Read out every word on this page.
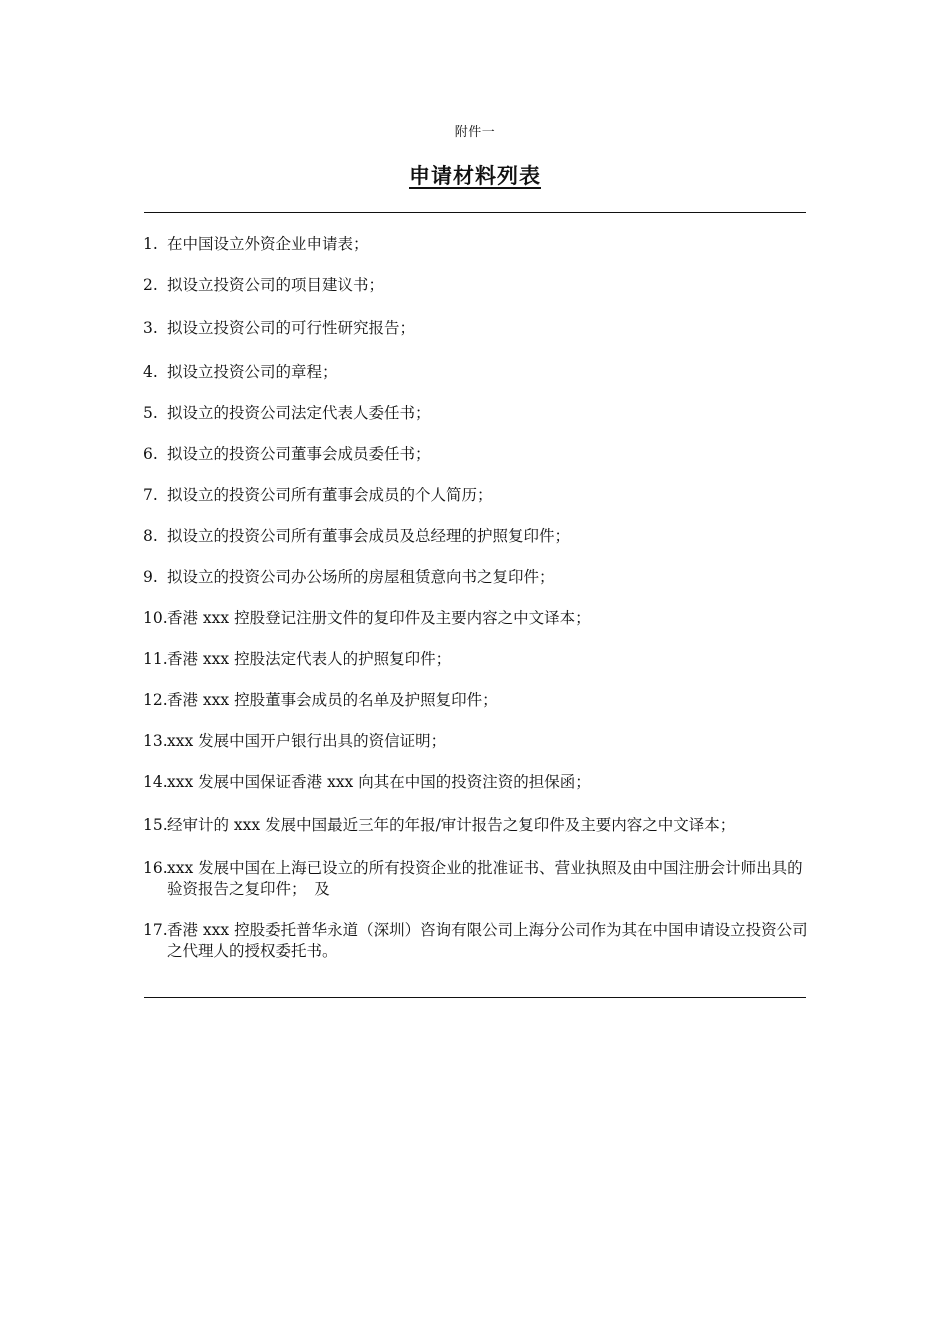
附件一
申请材料列表
1. 在中国设立外资企业申请表；
2. 拟设立投资公司的项目建议书；
3. 拟设立投资公司的可行性研究报告；
4. 拟设立投资公司的章程；
5. 拟设立的投资公司法定代表人委任书；
6. 拟设立的投资公司董事会成员委任书；
7. 拟设立的投资公司所有董事会成员的个人简历；
8. 拟设立的投资公司所有董事会成员及总经理的护照复印件；
9. 拟设立的投资公司办公场所的房屋租赁意向书之复印件；
10. 香港 xxx 控股登记注册文件的复印件及主要内容之中文译本；
11. 香港 xxx 控股法定代表人的护照复印件；
12. 香港 xxx 控股董事会成员的名单及护照复印件；
13. xxx 发展中国开户银行出具的资信证明；
14. xxx 发展中国保证香港 xxx 向其在中国的投资注资的担保函；
15. 经审计的 xxx 发展中国最近三年的年报/审计报告之复印件及主要内容之中文译本；
16. xxx 发展中国在上海已设立的所有投资企业的批准证书、营业执照及由中国注册会计师出具的验资报告之复印件；　及
17. 香港 xxx 控股委托普华永道（深圳）咨询有限公司上海分公司作为其在中国申请设立投资公司之代理人的授权委托书。
